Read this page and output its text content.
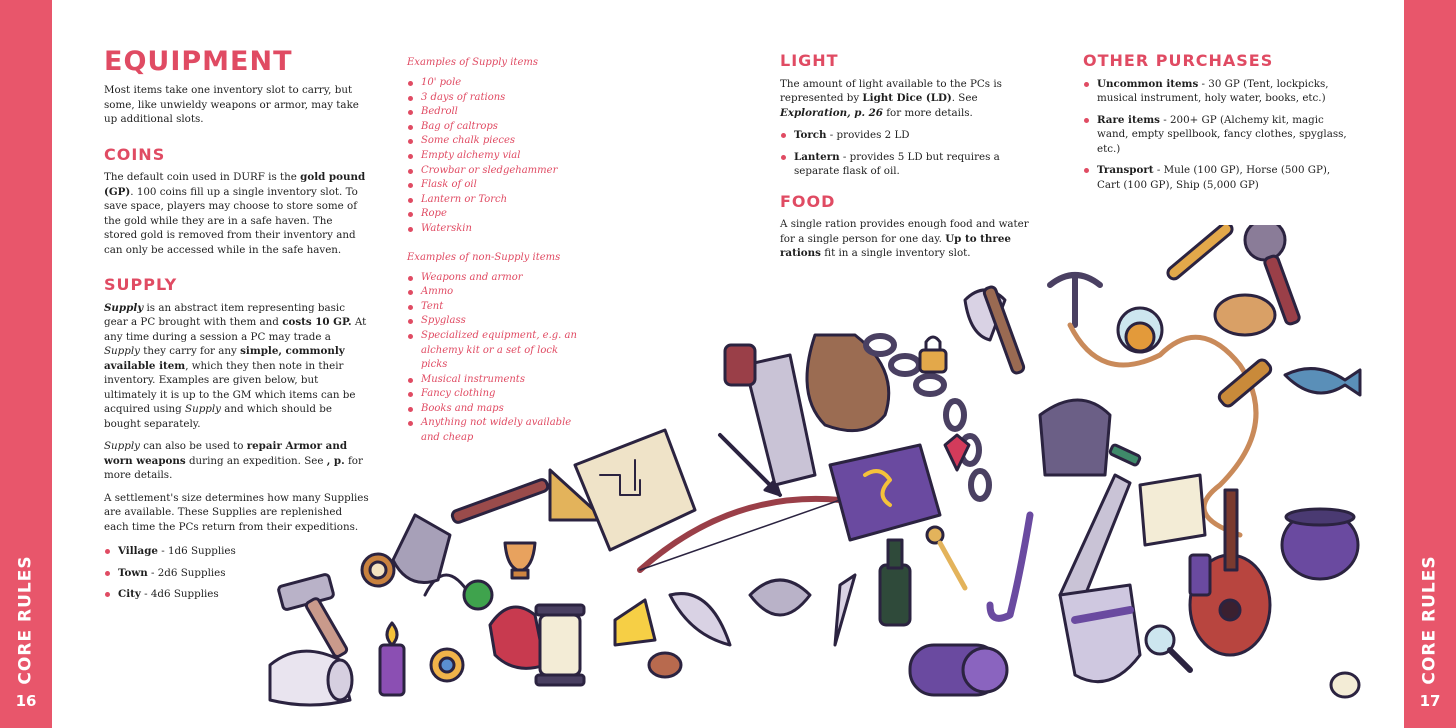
CORE RULES
16
CORE RULES
17
EQUIPMENT

Most items take one inventory slot to carry, but some, like unwieldy weapons or armor, may take up additional slots.

COINS

The default coin used in DURF is the gold pound (GP). 100 coins fill up a single inventory slot. To save space, players may choose to store some of the gold while they are in a safe haven. The stored gold is removed from their inventory and can only be accessed while in the safe haven.

SUPPLY

Supply is an abstract item representing basic gear a PC brought with them and costs 10 GP. At any time during a session a PC may trade a Supply they carry for any simple, commonly available item, which they then note in their inventory. Examples are given below, but ultimately it is up to the GM which items can be acquired using Supply and which should be bought separately.

Supply can also be used to repair Armor and worn weapons during an expedition. See , p. for more details.

A settlement's size determines how many Supplies are available. These Supplies are replenished each time the PCs return from their expeditions.

Village - 1d6 Supplies
Town - 2d6 Supplies
City - 4d6 Supplies
Examples of Supply items
10' pole
3 days of rations
Bedroll
Bag of caltrops
Some chalk pieces
Empty alchemy vial
Crowbar or sledgehammer
Flask of oil
Lantern or Torch
Rope
Waterskin
Examples of non-Supply items
Weapons and armor
Ammo
Tent
Spyglass
Specialized equipment, e.g. an alchemy kit or a set of lock picks
Musical instruments
Fancy clothing
Books and maps
Anything not widely available and cheap
LIGHT

The amount of light available to the PCs is represented by Light Dice (LD). See Exploration, p. 26 for more details.

Torch - provides 2 LD
Lantern - provides 5 LD but requires a separate flask of oil.
FOOD

A single ration provides enough food and water for a single person for one day. Up to three rations fit in a single inventory slot.

OTHER PURCHASES
Uncommon items - 30 GP (Tent, lockpicks, musical instrument, holy water, books, etc.)
Rare items - 200+ GP (Alchemy kit, magic wand, empty spellbook, fancy clothes, spyglass, etc.)
Transport - Mule (100 GP), Horse (500 GP), Cart (100 GP), Ship (5,000 GP)
